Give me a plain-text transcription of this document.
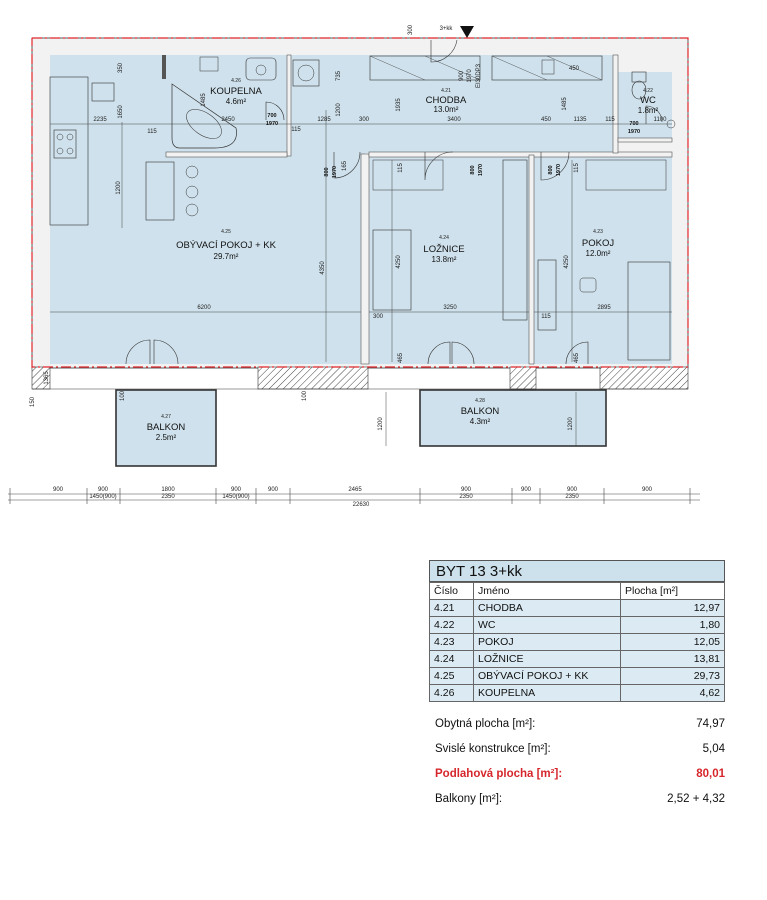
3+kk
4.26
KOUPELNA
4.6m²
4.21
CHODBA
13.0m²
4.22
WC
1.8m²
4.25
OBÝVACÍ POKOJ + KK
29.7m²
4.24
LOŽNICE
13.8m²
4.23
POKOJ
12.0m²
4.27
BALKON
2.5m²
4.28
BALKON
4.3m²
700
1970	700
1970
800 1970	800 1970	800 1970
900 1970 EI30DP3
300
350
2235
1650
115
1200
1485
2450
115
1285
735
1200
300
1935
3400	450
1485
450
1135	115	1100
165	115	115
4350	4250	4250
6200	3250
300	115
2895
465	465
1365
150
100	100
1200	1200
900	900	1800	900	900	2465	900	900	900	900
1450(900)	2350	1450(900)	2350	2350
22630
BYT 13 3+kk
Číslo	Jméno	Plocha [m²]
4.21	CHODBA	12,97
4.22	WC	1,80
4.23	POKOJ	12,05
4.24	LOŽNICE	13,81
4.25	OBÝVACÍ POKOJ + KK	29,73
4.26	KOUPELNA	4,62
Obytná plocha [m²]:	74,97
Svislé konstrukce [m²]:	5,04
Podlahová plocha [m²]:	80,01
Balkony [m²]:	2,52 + 4,32
